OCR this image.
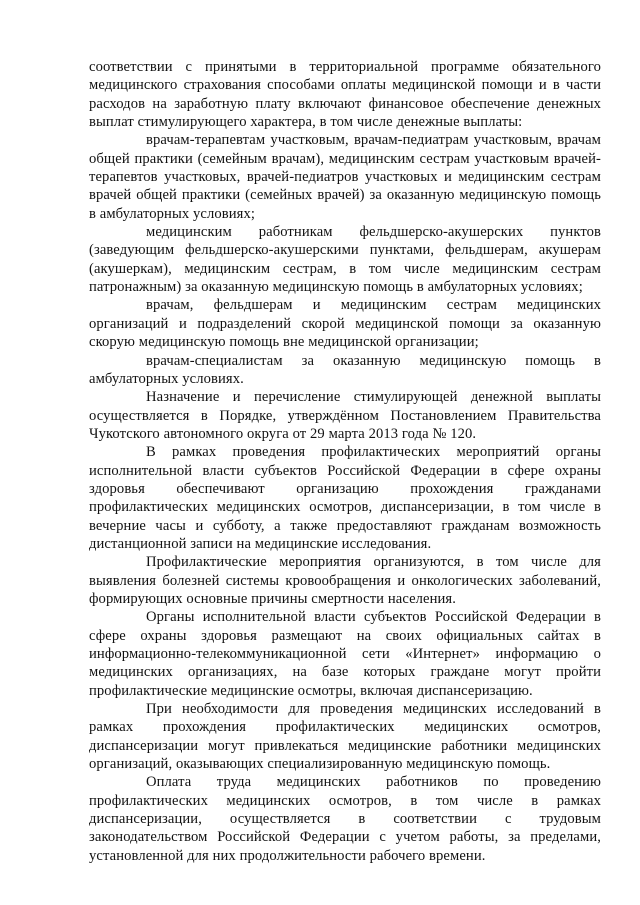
соответствии с принятыми в территориальной программе обязательного медицинского страхования способами оплаты медицинской помощи и в части расходов на заработную плату включают финансовое обеспечение денежных выплат стимулирующего характера, в том числе денежные выплаты:

врачам-терапевтам участковым, врачам-педиатрам участковым, врачам общей практики (семейным врачам), медицинским сестрам участковым врачей-терапевтов участковых, врачей-педиатров участковых и медицинским сестрам врачей общей практики (семейных врачей) за оказанную медицинскую помощь в амбулаторных условиях;

медицинским работникам фельдшерско-акушерских пунктов (заведующим фельдшерско-акушерскими пунктами, фельдшерам, акушерам (акушеркам), медицинским сестрам, в том числе медицинским сестрам патронажным) за оказанную медицинскую помощь в амбулаторных условиях;

врачам, фельдшерам и медицинским сестрам медицинских организаций и подразделений скорой медицинской помощи за оказанную скорую медицинскую помощь вне медицинской организации;

врачам-специалистам за оказанную медицинскую помощь в амбулаторных условиях.

Назначение и перечисление стимулирующей денежной выплаты осуществляется в Порядке, утверждённом Постановлением Правительства Чукотского автономного округа от 29 марта 2013 года № 120.

В рамках проведения профилактических мероприятий органы исполнительной власти субъектов Российской Федерации в сфере охраны здоровья обеспечивают организацию прохождения гражданами профилактических медицинских осмотров, диспансеризации, в том числе в вечерние часы и субботу, а также предоставляют гражданам возможность дистанционной записи на медицинские исследования.

Профилактические мероприятия организуются, в том числе для выявления болезней системы кровообращения и онкологических заболеваний, формирующих основные причины смертности населения.

Органы исполнительной власти субъектов Российской Федерации в сфере охраны здоровья размещают на своих официальных сайтах в информационно-телекоммуникационной сети «Интернет» информацию о медицинских организациях, на базе которых граждане могут пройти профилактические медицинские осмотры, включая диспансеризацию.

При необходимости для проведения медицинских исследований в рамках прохождения профилактических медицинских осмотров, диспансеризации могут привлекаться медицинские работники медицинских организаций, оказывающих специализированную медицинскую помощь.

Оплата труда медицинских работников по проведению профилактических медицинских осмотров, в том числе в рамках диспансеризации, осуществляется в соответствии с трудовым законодательством Российской Федерации с учетом работы, за пределами, установленной для них продолжительности рабочего времени.
